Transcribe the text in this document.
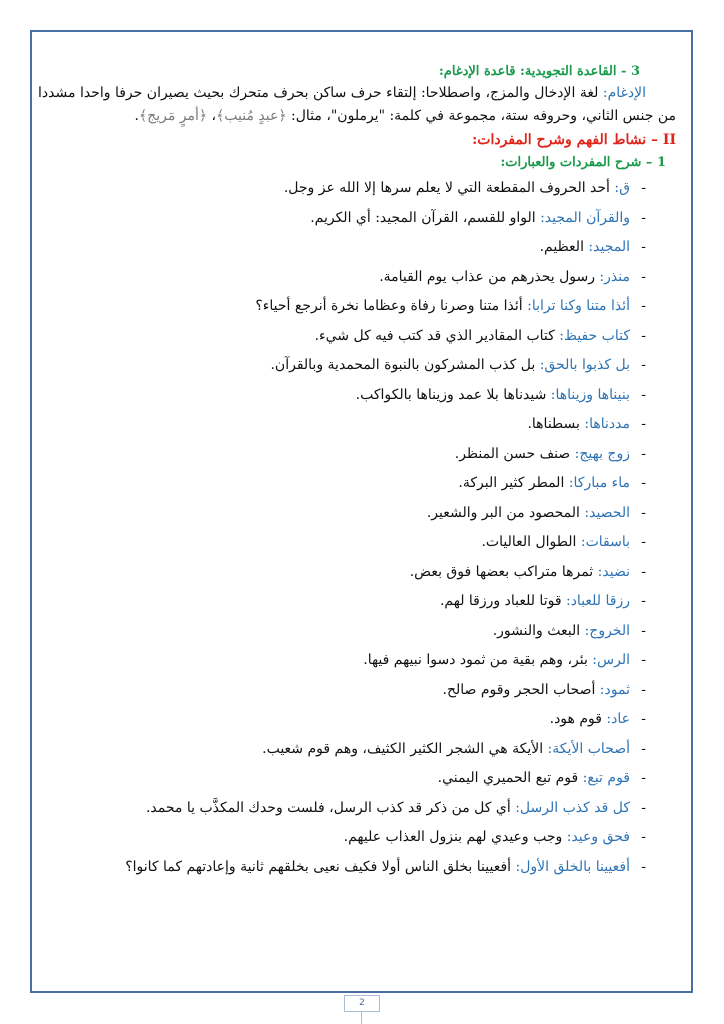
3 - القاعدة التجويدية: قاعدة الإدغام:
الإدغام: لغة الإدخال والمزج، واصطلاحا: إلتقاء حرف ساكن بحرف متحرك بحيث يصيران حرفا واحدا مشددا من جنس الثاني، وحروفه ستة، مجموعة في كلمة: "يرملون"، مثال: ﴿عبد مُنيب﴾، ﴿أمر مَريج﴾.
II – نشاط الفهم وشرح المفردات:
1 – شرح المفردات والعبارات:
-
ق: أحد الحروف المقطعة التي لا يعلم سرها إلا الله عز وجل.
-
والقرآن المجيد: الواو للقسم، القرآن المجيد: أي الكريم.
-
المجيد: العظيم.
-
منذر: رسول يحذرهم من عذاب يوم القيامة.
-
أئذا متنا وكنا ترابا: أئذا متنا وصرنا رفاة وعظاما نخرة أنرجع أحياء؟
-
كتاب حفيظ: كتاب المقادير الذي قد كتب فيه كل شيء.
-
بل كذبوا بالحق: بل كذب المشركون بالنبوة المحمدية وبالقرآن.
-
بنيناها وزيناها: شيدناها بلا عمد وزيناها بالكواكب.
-
مددناها: بسطناها.
-
زوج بهيج: صنف حسن المنظر.
-
ماء مباركا: المطر كثير البركة.
-
الحصيد: المحصود من البر والشعير.
-
باسقات: الطوال العاليات.
-
نضيد: ثمرها متراكب بعضها فوق بعض.
-
رزقا للعباد: قوتا للعباد ورزقا لهم.
-
الخروج: البعث والنشور.
-
الرس: بئر، وهم بقية من ثمود دسوا نبيهم فيها.
-
ثمود: أصحاب الحجر وقوم صالح.
-
عاد: قوم هود.
-
أصحاب الأيكة: الأيكة هي الشجر الكثير الكثيف، وهم قوم شعيب.
-
قوم تبع: قوم تبع الحميري اليمني.
-
كل قد كذب الرسل: أي كل من ذكر قد كذب الرسل، فلست وحدك المكذَّب يا محمد.
-
فحق وعيد: وجب وعيدي لهم بنزول العذاب عليهم.
-
أفعيينا بالخلق الأول: أفعيينا بخلق الناس أولا فكيف نعيى بخلقهم ثانية وإعادتهم كما كانوا؟
2
